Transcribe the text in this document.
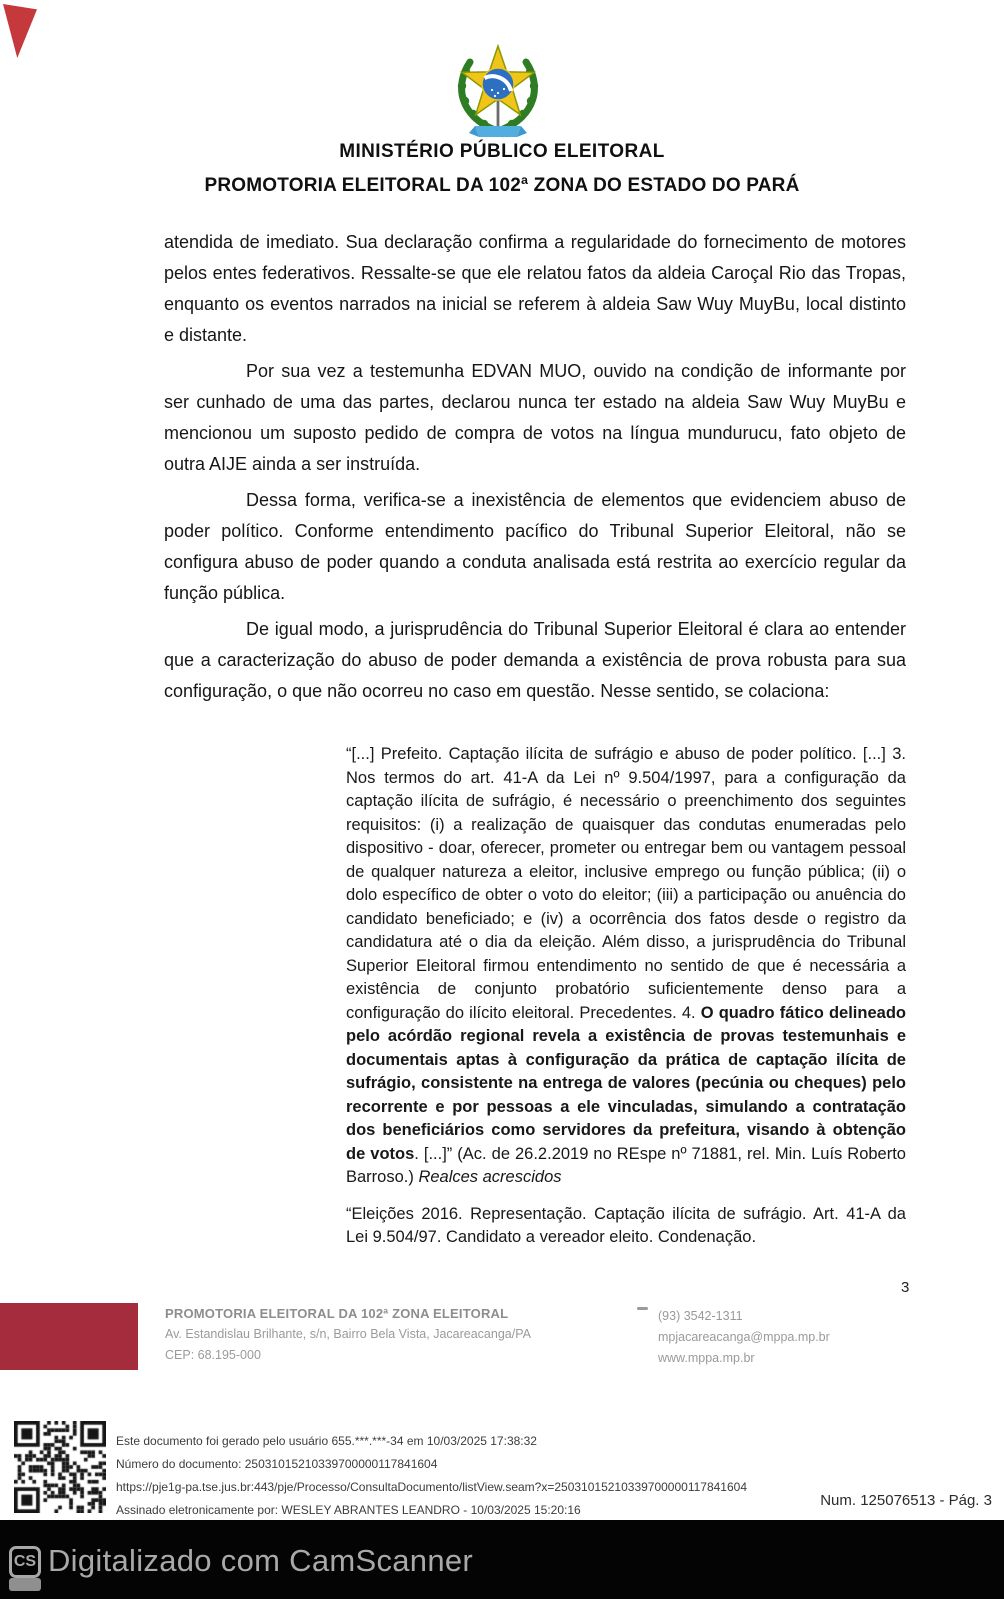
MINISTÉRIO PÚBLICO ELEITORAL
PROMOTORIA ELEITORAL DA 102ª ZONA DO ESTADO DO PARÁ

atendida de imediato. Sua declaração confirma a regularidade do fornecimento de motores pelos entes federativos. Ressalte-se que ele relatou fatos da aldeia Caroçal Rio das Tropas, enquanto os eventos narrados na inicial se referem à aldeia Saw Wuy MuyBu, local distinto e distante.

Por sua vez a testemunha EDVAN MUO, ouvido na condição de informante por ser cunhado de uma das partes, declarou nunca ter estado na aldeia Saw Wuy MuyBu e mencionou um suposto pedido de compra de votos na língua mundurucu, fato objeto de outra AIJE ainda a ser instruída.

Dessa forma, verifica-se a inexistência de elementos que evidenciem abuso de poder político. Conforme entendimento pacífico do Tribunal Superior Eleitoral, não se configura abuso de poder quando a conduta analisada está restrita ao exercício regular da função pública.

De igual modo, a jurisprudência do Tribunal Superior Eleitoral é clara ao entender que a caracterização do abuso de poder demanda a existência de prova robusta para sua configuração, o que não ocorreu no caso em questão. Nesse sentido, se colaciona:

“[...] Prefeito. Captação ilícita de sufrágio e abuso de poder político. [...] 3. Nos termos do art. 41-A da Lei nº 9.504/1997, para a configuração da captação ilícita de sufrágio, é necessário o preenchimento dos seguintes requisitos: (i) a realização de quaisquer das condutas enumeradas pelo dispositivo - doar, oferecer, prometer ou entregar bem ou vantagem pessoal de qualquer natureza a eleitor, inclusive emprego ou função pública; (ii) o dolo específico de obter o voto do eleitor; (iii) a participação ou anuência do candidato beneficiado; e (iv) a ocorrência dos fatos desde o registro da candidatura até o dia da eleição. Além disso, a jurisprudência do Tribunal Superior Eleitoral firmou entendimento no sentido de que é necessária a existência de conjunto probatório suficientemente denso para a configuração do ilícito eleitoral. Precedentes. 4. O quadro fático delineado pelo acórdão regional revela a existência de provas testemunhais e documentais aptas à configuração da prática de captação ilícita de sufrágio, consistente na entrega de valores (pecúnia ou cheques) pelo recorrente e por pessoas a ele vinculadas, simulando a contratação dos beneficiários como servidores da prefeitura, visando à obtenção de votos. [...]” (Ac. de 26.2.2019 no REspe nº 71881, rel. Min. Luís Roberto Barroso.) Realces acrescidos

“Eleições 2016. Representação. Captação ilícita de sufrágio. Art. 41-A da Lei 9.504/97. Candidato a vereador eleito. Condenação.

3
PROMOTORIA ELEITORAL DA 102ª ZONA ELEITORAL
Av. Estandislau Brilhante, s/n, Bairro Bela Vista, Jacareacanga/PA
CEP: 68.195-000
(93) 3542-1311
mpjacareacanga@mppa.mp.br
www.mppa.mp.br
Este documento foi gerado pelo usuário 655.***.***-34 em 10/03/2025 17:38:32
Número do documento: 25031015210339700000117841604
https://pje1g-pa.tse.jus.br:443/pje/Processo/ConsultaDocumento/listView.seam?x=25031015210339700000117841604
Assinado eletronicamente por: WESLEY ABRANTES LEANDRO - 10/03/2025 15:20:16
Num. 125076513 - Pág. 3
CS Digitalizado com CamScanner
